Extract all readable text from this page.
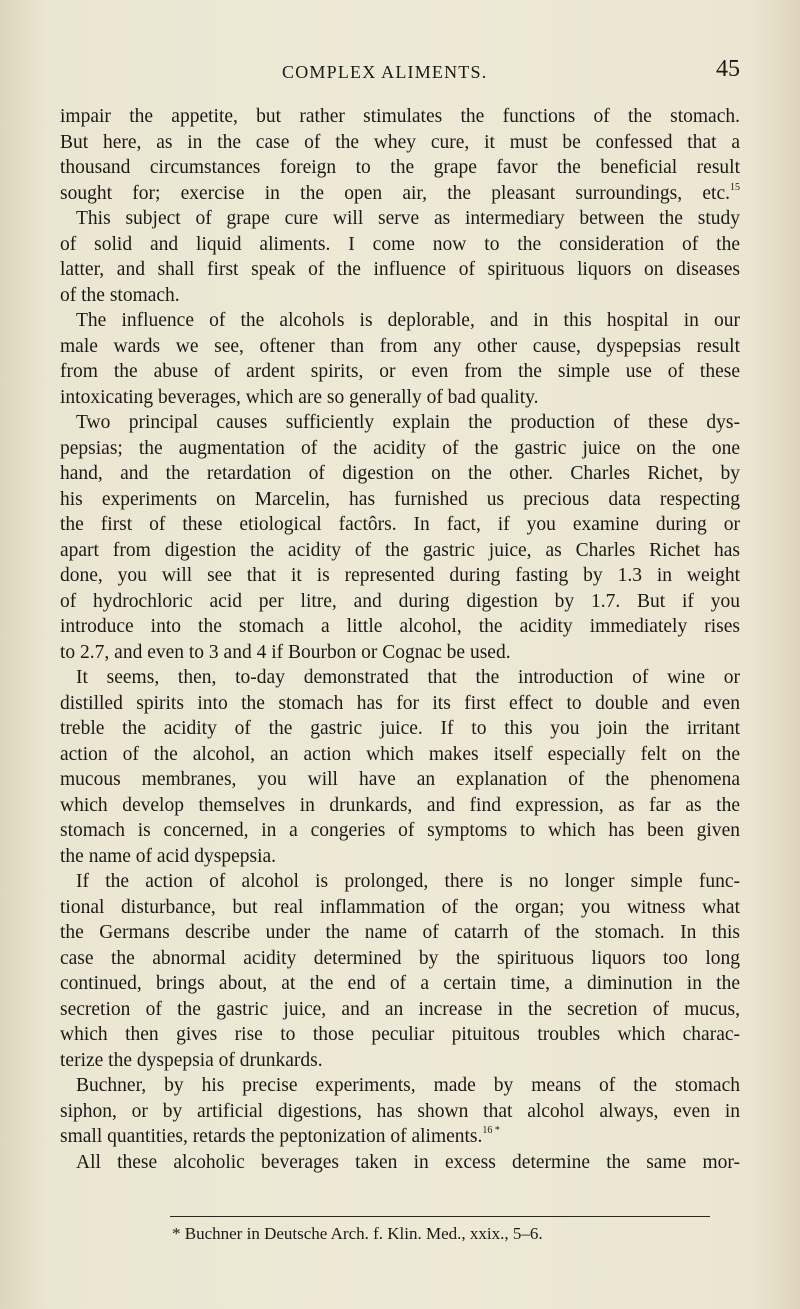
COMPLEX ALIMENTS.	45
impair the appetite, but rather stimulates the functions of the stomach.
But here, as in the case of the whey cure, it must be confessed that a
thousand circumstances foreign to the grape favor the beneficial result
sought for; exercise in the open air, the pleasant surroundings, etc.$^{15}$
This subject of grape cure will serve as intermediary between the study
of solid and liquid aliments. I come now to the consideration of the
latter, and shall first speak of the influence of spirituous liquors on diseases
of the stomach.
The influence of the alcohols is deplorable, and in this hospital in our
male wards we see, oftener than from any other cause, dyspepsias result
from the abuse of ardent spirits, or even from the simple use of these
intoxicating beverages, which are so generally of bad quality.
Two principal causes sufficiently explain the production of these dys-
pepsias; the augmentation of the acidity of the gastric juice on the one
hand, and the retardation of digestion on the other. Charles Richet, by
his experiments on Marcelin, has furnished us precious data respecting
the first of these etiological factôrs. In fact, if you examine during or
apart from digestion the acidity of the gastric juice, as Charles Richet has
done, you will see that it is represented during fasting by 1.3 in weight
of hydrochloric acid per litre, and during digestion by 1.7. But if you
introduce into the stomach a little alcohol, the acidity immediately rises
to 2.7, and even to 3 and 4 if Bourbon or Cognac be used.
It seems, then, to-day demonstrated that the introduction of wine or
distilled spirits into the stomach has for its first effect to double and even
treble the acidity of the gastric juice. If to this you join the irritant
action of the alcohol, an action which makes itself especially felt on the
mucous membranes, you will have an explanation of the phenomena
which develop themselves in drunkards, and find expression, as far as the
stomach is concerned, in a congeries of symptoms to which has been given
the name of acid dyspepsia.
If the action of alcohol is prolonged, there is no longer simple func-
tional disturbance, but real inflammation of the organ; you witness what
the Germans describe under the name of catarrh of the stomach. In this
case the abnormal acidity determined by the spirituous liquors too long
continued, brings about, at the end of a certain time, a diminution in the
secretion of the gastric juice, and an increase in the secretion of mucus,
which then gives rise to those peculiar pituitous troubles which charac-
terize the dyspepsia of drunkards.
Buchner, by his precise experiments, made by means of the stomach
siphon, or by artificial digestions, has shown that alcohol always, even in
small quantities, retards the peptonization of aliments.$^{16 *}$
All these alcoholic beverages taken in excess determine the same mor-
* Buchner in Deutsche Arch. f. Klin. Med., xxix., 5–6.
